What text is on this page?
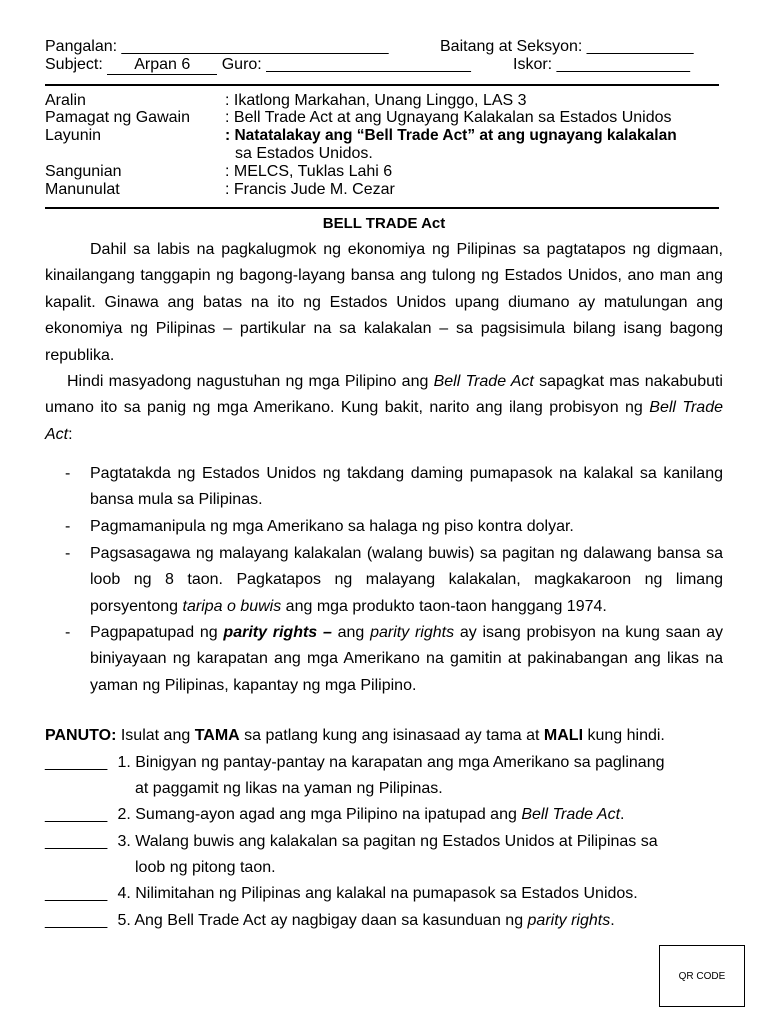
Pangalan: ______________________________	Baitang at Seksyon: ____________
Subject: Arpan 6 Guro: _______________________	Iskor: _______________
Aralin	: Ikatlong Markahan, Unang Linggo, LAS 3
Pamagat ng Gawain : Bell Trade Act at ang Ugnayang Kalakalan sa Estados Unidos
Layunin	: Natatalakay ang “Bell Trade Act” at ang ugnayang kalakalan
sa Estados Unidos.
Sangunian	: MELCS, Tuklas Lahi 6
Manunulat	: Francis Jude M. Cezar
BELL TRADE Act

Dahil sa labis na pagkalugmok ng ekonomiya ng Pilipinas sa pagtatapos ng digmaan, kinailangang tanggapin ng bagong-layang bansa ang tulong ng Estados Unidos, ano man ang kapalit. Ginawa ang batas na ito ng Estados Unidos upang diumano ay matulungan ang ekonomiya ng Pilipinas – partikular na sa kalakalan – sa pagsisimula bilang isang bagong republika.

Hindi masyadong nagustuhan ng mga Pilipino ang Bell Trade Act sapagkat mas nakabubuti umano ito sa panig ng mga Amerikano. Kung bakit, narito ang ilang probisyon ng Bell Trade Act:

- Pagtatakda ng Estados Unidos ng takdang daming pumapasok na kalakal sa kanilang bansa mula sa Pilipinas.

- Pagmamanipula ng mga Amerikano sa halaga ng piso kontra dolyar.

- Pagsasagawa ng malayang kalakalan (walang buwis) sa pagitan ng dalawang bansa sa loob ng 8 taon. Pagkatapos ng malayang kalakalan, magkakaroon ng limang porsyentong taripa o buwis ang mga produkto taon-taon hanggang 1974.

- Pagpapatupad ng parity rights – ang parity rights ay isang probisyon na kung saan ay biniyayaan ng karapatan ang mga Amerikano na gamitin at pakinabangan ang likas na yaman ng Pilipinas, kapantay ng mga Pilipino.

PANUTO: Isulat ang TAMA sa patlang kung ang isinasaad ay tama at MALI kung hindi.
_______ 1. Binigyan ng pantay-pantay na karapatan ang mga Amerikano sa paglinang
at paggamit ng likas na yaman ng Pilipinas.
_______ 2. Sumang-ayon agad ang mga Pilipino na ipatupad ang Bell Trade Act.
_______ 3. Walang buwis ang kalakalan sa pagitan ng Estados Unidos at Pilipinas sa
loob ng pitong taon.
_______ 4. Nilimitahan ng Pilipinas ang kalakal na pumapasok sa Estados Unidos.
_______ 5. Ang Bell Trade Act ay nagbigay daan sa kasunduan ng parity rights.
QR CODE
